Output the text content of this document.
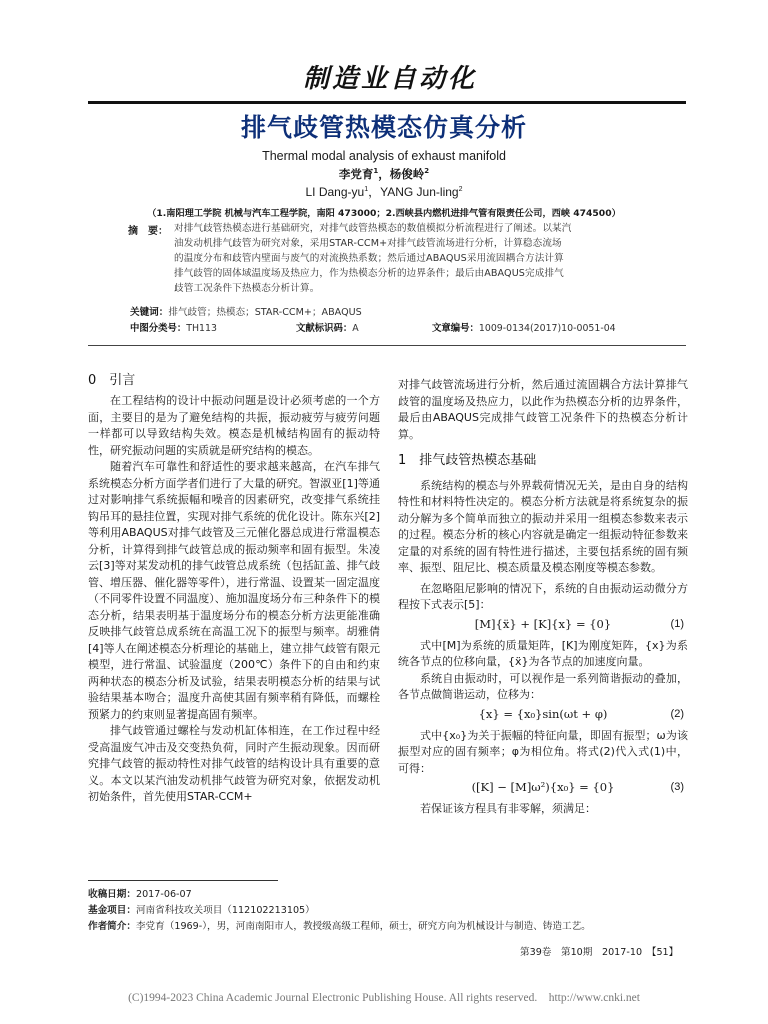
制造业自动化
排气歧管热模态仿真分析
Thermal modal analysis of exhaust manifold
李党育$^1$，杨俊岭$^2$
LI Dang-$yu^1$，YANG Jun-ling$^2$
（1.南阳理工学院 机械与汽车工程学院，南阳 473000；2.西峡县内燃机进排气管有限责任公司，西峡 474500）
摘　要： 对排气歧管热模态进行基础研究，对排气歧管热模态的数值模拟分析流程进行了阐述。以某汽
油发动机排气歧管为研究对象，采用STAR-CCM+对排气歧管流场进行分析，计算稳态流场
的温度分布和歧管内壁面与废气的对流换热系数；然后通过ABAQUS采用流固耦合方法计算
排气歧管的固体域温度场及热应力，作为热模态分析的边界条件；最后由ABAQUS完成排气
歧管工况条件下热模态分析计算。
关键词：排气歧管；热模态；STAR-CCM+；ABAQUS
中图分类号：TH113	文献标识码：A	文章编号：1009-0134(2017)10-0051-04
0　引言

在工程结构的设计中振动问题是设计必须考虑的一个方面，主要目的是为了避免结构的共振，振动疲劳与疲劳问题一样都可以导致结构失效。模态是机械结构固有的振动特性，研究振动问题的实质就是研究结构的模态。

随着汽车可靠性和舒适性的要求越来越高，在汽车排气系统模态分析方面学者们进行了大量的研究。智淑亚[1]等通过对影响排气系统振幅和噪音的因素研究，改变排气系统挂钩吊耳的悬挂位置，实现对排气系统的优化设计。陈东兴[2]等利用ABAQUS对排气歧管及三元催化器总成进行常温模态分析，计算得到排气歧管总成的振动频率和固有振型。朱凌云[3]等对某发动机的排气歧管总成系统（包括缸盖、排气歧管、增压器、催化器等零件），进行常温、设置某一固定温度（不同零件设置不同温度）、施加温度场分布三种条件下的模态分析，结果表明基于温度场分布的模态分析方法更能准确反映排气歧管总成系统在高温工况下的振型与频率。胡雅倩[4]等人在阐述模态分析理论的基础上，建立排气歧管有限元模型，进行常温、试验温度（200℃）条件下的自由和约束两种状态的模态分析及试验，结果表明模态分析的结果与试验结果基本吻合；温度升高使其固有频率稍有降低，而螺栓预紧力的约束则显著提高固有频率。

排气歧管通过螺栓与发动机缸体相连，在工作过程中经受高温废气冲击及交变热负荷，同时产生振动现象。因而研究排气歧管的振动特性对排气歧管的结构设计具有重要的意义。本文以某汽油发动机排气歧管为研究对象，依据发动机初始条件，首先使用STAR-CCM+

对排气歧管流场进行分析，然后通过流固耦合方法计算排气歧管的温度场及热应力，以此作为热模态分析的边界条件，最后由ABAQUS完成排气歧管工况条件下的热模态分析计算。

1　排气歧管热模态基础

系统结构的模态与外界载荷情况无关，是由自身的结构特性和材料特性决定的。模态分析方法就是将系统复杂的振动分解为多个简单而独立的振动并采用一组模态参数来表示的过程。模态分析的核心内容就是确定一组振动特征参数来定量的对系统的固有特性进行描述，主要包括系统的固有频率、振型、阻尼比、模态质量及模态刚度等模态参数。

在忽略阻尼影响的情况下，系统的自由振动运动微分方程按下式表示[5]：

[M]{ẍ} + [K]{x} = {0}	(1)

式中[M]为系统的质量矩阵，[K]为刚度矩阵，{x}为系统各节点的位移向量，{ẍ}为各节点的加速度向量。

系统自由振动时，可以视作是一系列简谐振动的叠加，各节点做简谐运动，位移为：

{x} = {x₀}sin(ωt + φ)	(2)

式中{x₀}为关于振幅的特征向量，即固有振型；ω为该振型对应的固有频率；φ为相位角。将式(2)代入式(1)中，可得：

([K] − [M]ω²){x₀} = {0}	(3)

若保证该方程具有非零解，须满足：

收稿日期：2017-06-07
基金项目：河南省科技攻关项目（112102213105）
作者简介：李党育（1969-），男，河南南阳市人，教授级高级工程师，硕士，研究方向为机械设计与制造、铸造工艺。
第39卷　第10期　2017-10　【51】
(C)1994-2023 China Academic Journal Electronic Publishing House. All rights reserved.　http://www.cnki.net
